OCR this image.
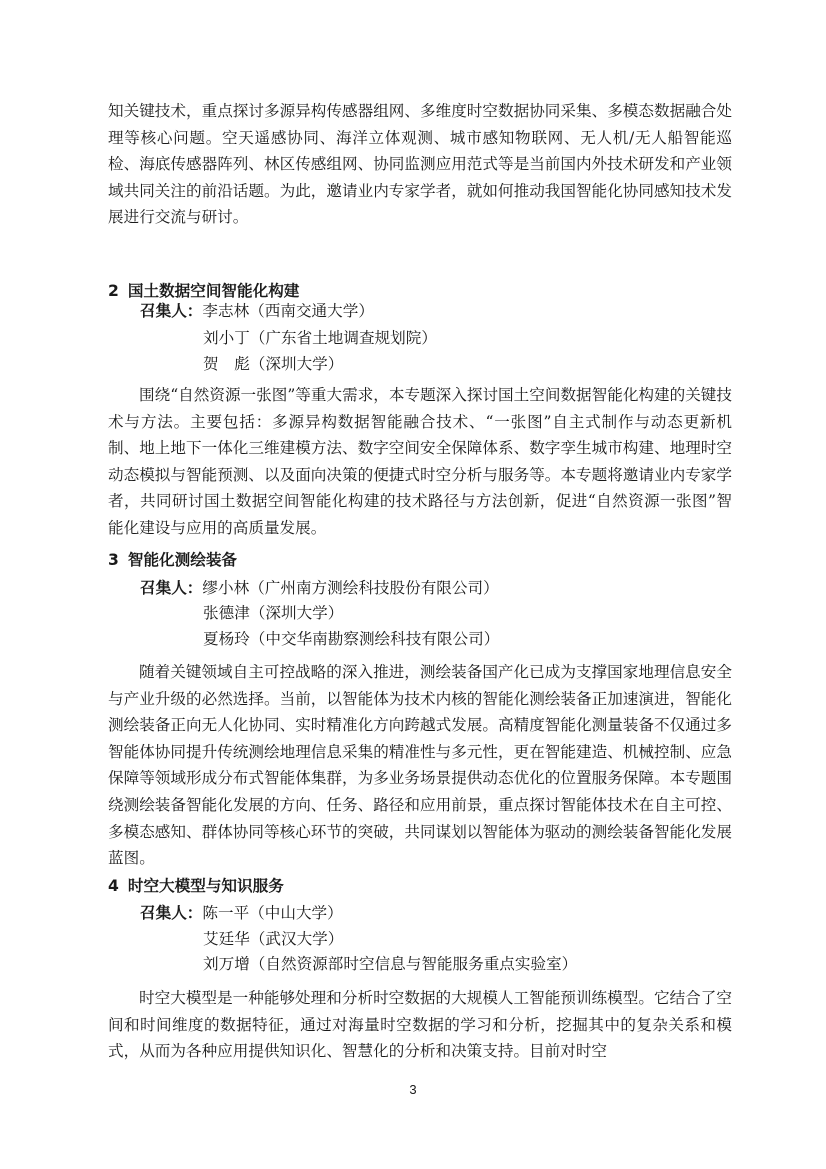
知关键技术，重点探讨多源异构传感器组网、多维度时空数据协同采集、多模态数据融合处理等核心问题。空天遥感协同、海洋立体观测、城市感知物联网、无人机/无人船智能巡检、海底传感器阵列、林区传感组网、协同监测应用范式等是当前国内外技术研发和产业领域共同关注的前沿话题。为此，邀请业内专家学者，就如何推动我国智能化协同感知技术发展进行交流与研讨。

2 国土数据空间智能化构建
召集人：李志林（西南交通大学）
刘小丁（广东省土地调查规划院）
贺　彪（深圳大学）

围绕“自然资源一张图”等重大需求，本专题深入探讨国土空间数据智能化构建的关键技术与方法。主要包括：多源异构数据智能融合技术、“一张图”自主式制作与动态更新机制、地上地下一体化三维建模方法、数字空间安全保障体系、数字孪生城市构建、地理时空动态模拟与智能预测、以及面向决策的便捷式时空分析与服务等。本专题将邀请业内专家学者，共同研讨国土数据空间智能化构建的技术路径与方法创新，促进“自然资源一张图”智能化建设与应用的高质量发展。

3 智能化测绘装备
召集人：缪小林（广州南方测绘科技股份有限公司）
张德津（深圳大学）
夏杨玲（中交华南勘察测绘科技有限公司）

随着关键领域自主可控战略的深入推进，测绘装备国产化已成为支撑国家地理信息安全与产业升级的必然选择。当前，以智能体为技术内核的智能化测绘装备正加速演进，智能化测绘装备正向无人化协同、实时精准化方向跨越式发展。高精度智能化测量装备不仅通过多智能体协同提升传统测绘地理信息采集的精准性与多元性，更在智能建造、机械控制、应急保障等领域形成分布式智能体集群，为多业务场景提供动态优化的位置服务保障。本专题围绕测绘装备智能化发展的方向、任务、路径和应用前景，重点探讨智能体技术在自主可控、多模态感知、群体协同等核心环节的突破，共同谋划以智能体为驱动的测绘装备智能化发展蓝图。

4 时空大模型与知识服务
召集人：陈一平（中山大学）
艾廷华（武汉大学）
刘万增（自然资源部时空信息与智能服务重点实验室）

时空大模型是一种能够处理和分析时空数据的大规模人工智能预训练模型。它结合了空间和时间维度的数据特征，通过对海量时空数据的学习和分析，挖掘其中的复杂关系和模式，从而为各种应用提供知识化、智慧化的分析和决策支持。目前对时空

3
